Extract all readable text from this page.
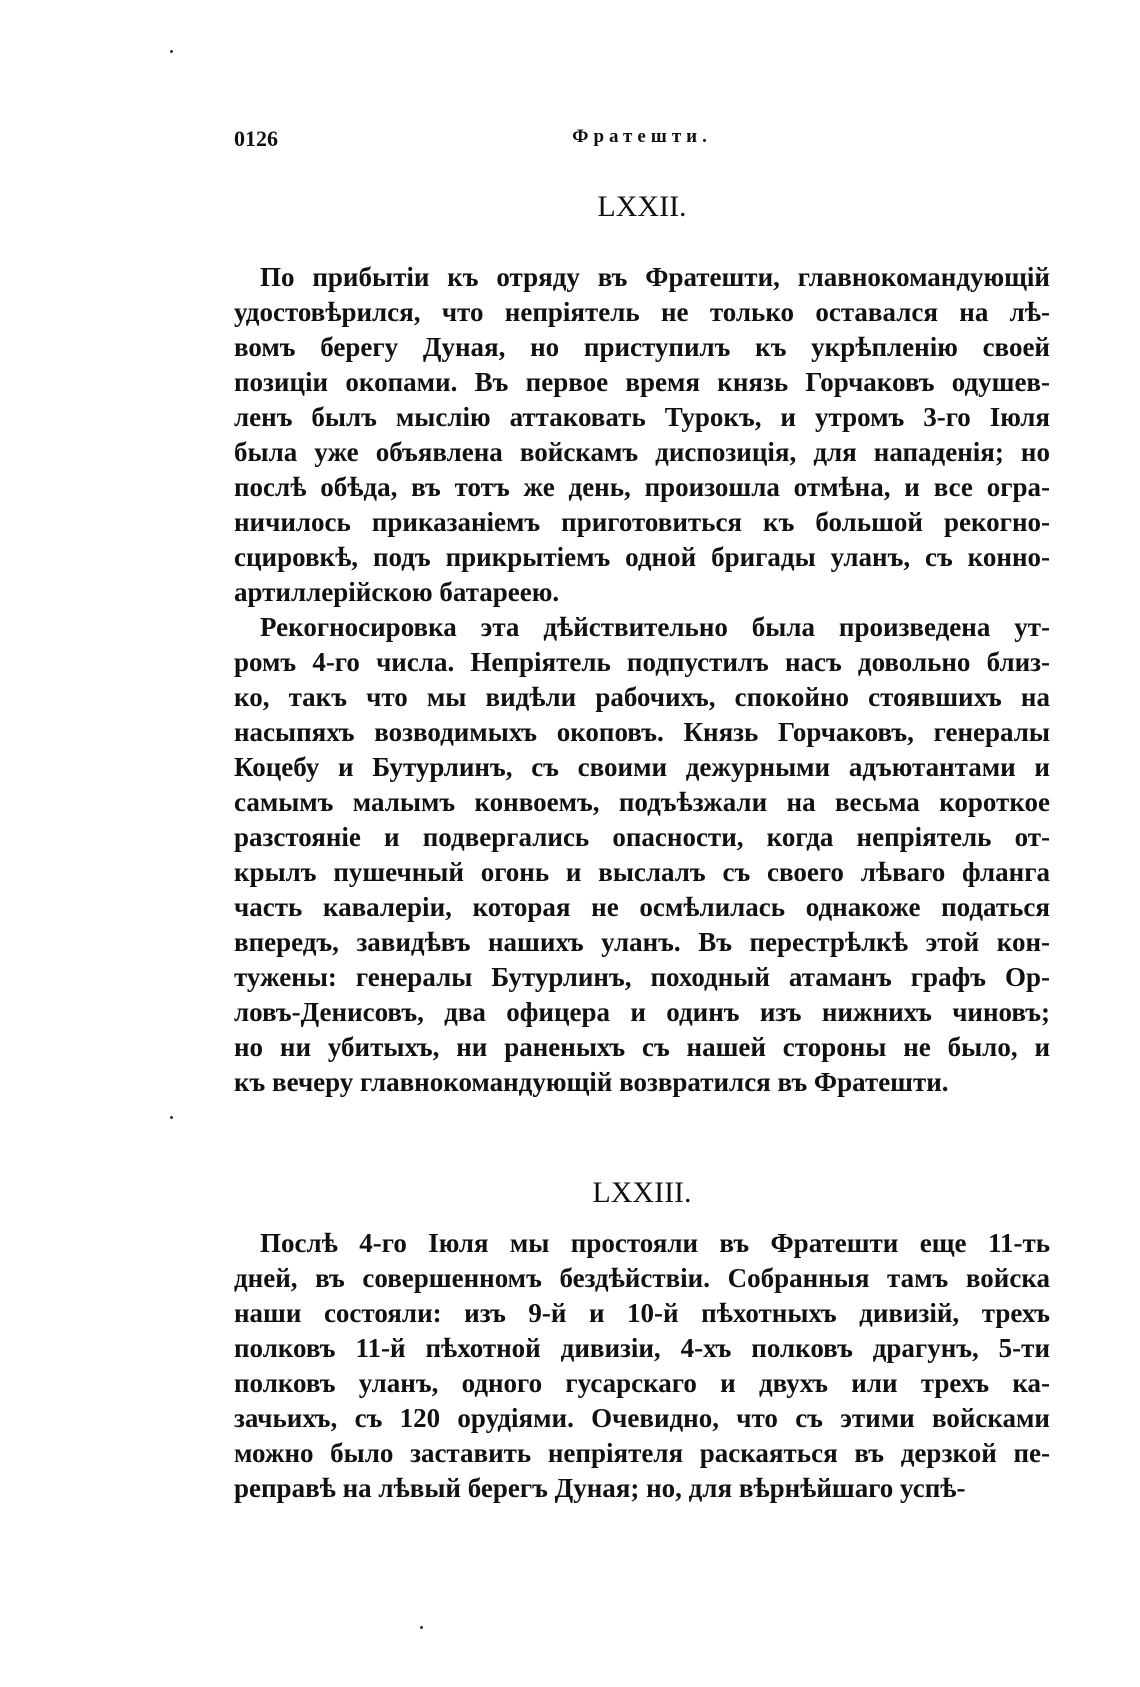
0126	Фратешти.
LXXII.
По прибытіи къ отряду въ Фратешти, главнокомандующій
удостовѣрился, что непріятель не только оставался на лѣ-
вомъ берегу Дуная, но приступилъ къ укрѣпленію своей
позиціи окопами. Въ первое время князь Горчаковъ одушев-
ленъ былъ мыслію аттаковать Турокъ, и утромъ 3-го Іюля
была уже объявлена войскамъ диспозиція, для нападенія; но
послѣ обѣда, въ тотъ же день, произошла отмѣна, и все огра-
ничилось приказаніемъ приготовиться къ большой рекогно-
сцировкѣ, подъ прикрытіемъ одной бригады уланъ, съ конно-
артиллерійскою батареею.
Рекогносировка эта дѣйствительно была произведена ут-
ромъ 4-го числа. Непріятель подпустилъ насъ довольно близ-
ко, такъ что мы видѣли рабочихъ, спокойно стоявшихъ на
насыпяхъ возводимыхъ окоповъ. Князь Горчаковъ, генералы
Коцебу и Бутурлинъ, съ своими дежурными адъютантами и
самымъ малымъ конвоемъ, подъѣзжали на весьма короткое
разстояніе и подвергались опасности, когда непріятель от-
крылъ пушечный огонь и выслалъ съ своего лѣваго фланга
часть кавалеріи, которая не осмѣлилась однакоже податься
впередъ, завидѣвъ нашихъ уланъ. Въ перестрѣлкѣ этой кон-
тужены: генералы Бутурлинъ, походный атаманъ графъ Ор-
ловъ-Денисовъ, два офицера и одинъ изъ нижнихъ чиновъ;
но ни убитыхъ, ни раненыхъ съ нашей стороны не было, и
къ вечеру главнокомандующій возвратился въ Фратешти.
LXXIII.
Послѣ 4-го Іюля мы простояли въ Фратешти еще 11-ть
дней, въ совершенномъ бездѣйствіи. Собранныя тамъ войска
наши состояли: изъ 9-й и 10-й пѣхотныхъ дивизій, трехъ
полковъ 11-й пѣхотной дивизіи, 4-хъ полковъ драгунъ, 5-ти
полковъ уланъ, одного гусарскаго и двухъ или трехъ ка-
зачьихъ, съ 120 орудіями. Очевидно, что съ этими войсками
можно было заставить непріятеля раскаяться въ дерзкой пе-
реправѣ на лѣвый берегъ Дуная; но, для вѣрнѣйшаго успѣ-
